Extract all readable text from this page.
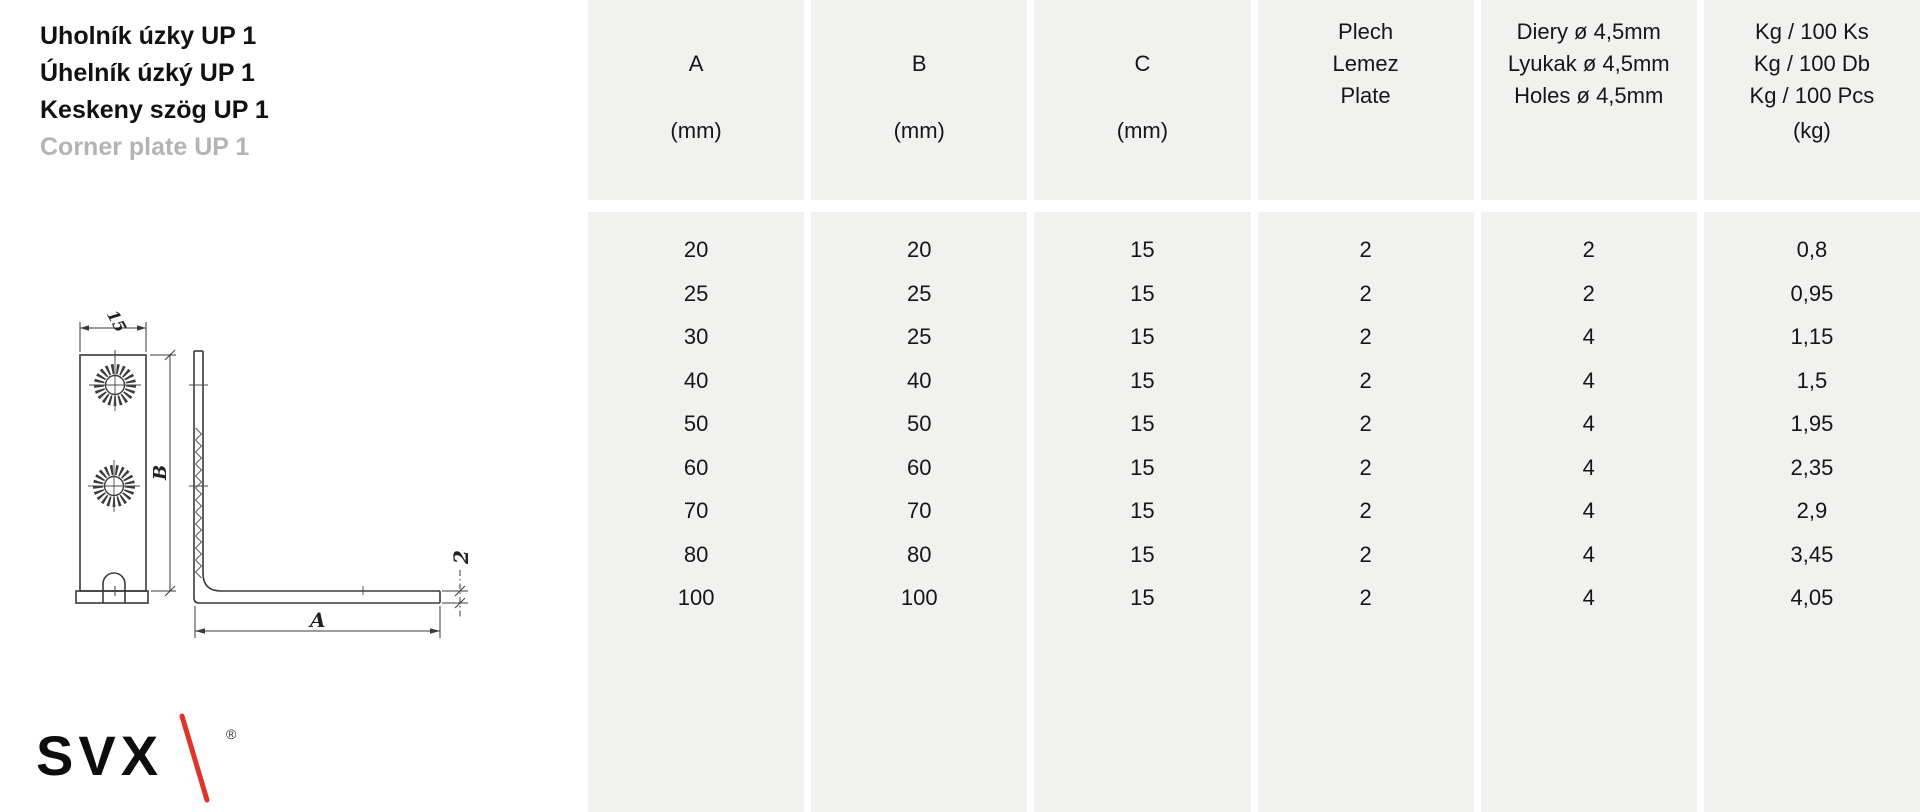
Uholník úzky UP 1
Úhelník úzký UP 1
Keskeny szög UP 1
Corner plate UP 1
15
B
A
2
SVX	®
A
(mm)
B
(mm)
C
(mm)
Plech
Lemez
Plate
Diery ø 4,5mm
Lyukak ø 4,5mm
Holes ø 4,5mm
Kg / 100 Ks
Kg / 100 Db
Kg / 100 Pcs
(kg)
20
25
30
40
50
60
70
80
100
20
25
25
40
50
60
70
80
100
15
15
15
15
15
15
15
15
15
2
2
2
2
2
2
2
2
2
2
2
4
4
4
4
4
4
4
0,8
0,95
1,15
1,5
1,95
2,35
2,9
3,45
4,05
